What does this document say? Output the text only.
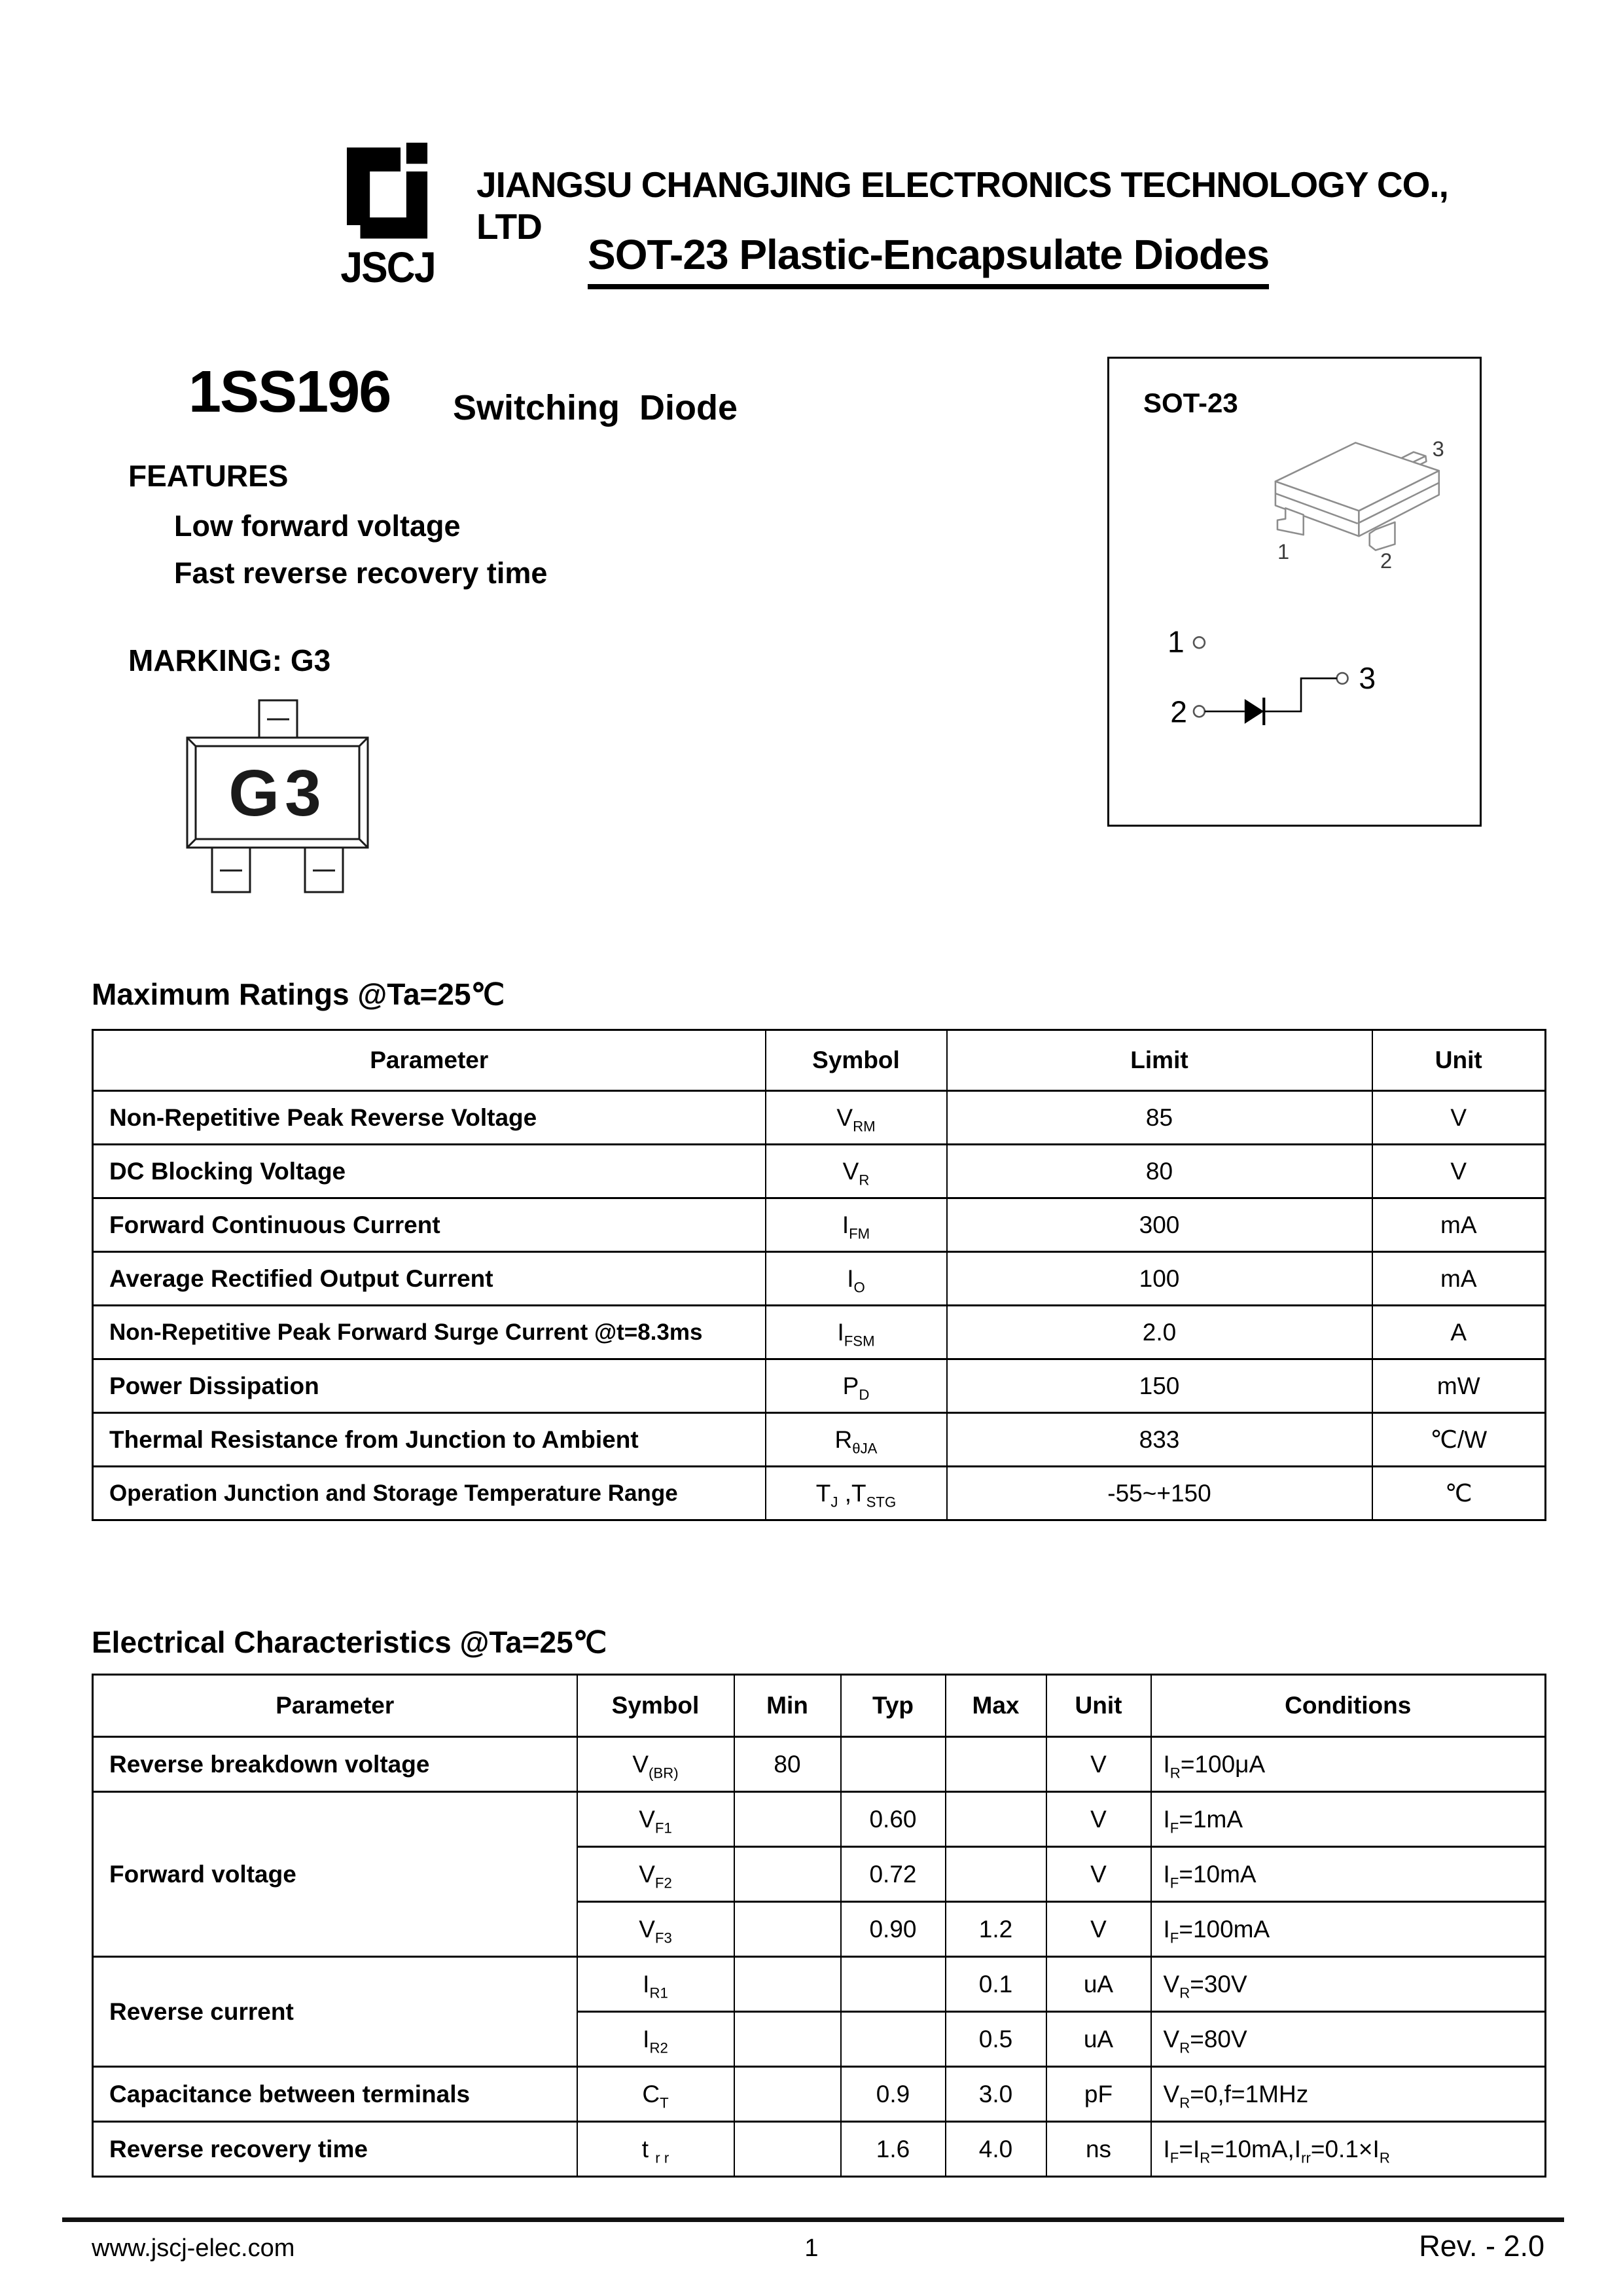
JSCJ
JIANGSU CHANGJING ELECTRONICS TECHNOLOGY CO., LTD
SOT-23 Plastic-Encapsulate Diodes
1SS196 Switching  Diode
FEATURES
Low forward voltage
Fast reverse recovery time
MARKING: G3
G3
SOT-23
3
1	2
1
2
3
Maximum Ratings @Ta=25℃
Parameter	Symbol	Limit	Unit
Non-Repetitive Peak Reverse Voltage	$V_{RM}$	85	V
DC Blocking Voltage	$V_R$	80	V
Forward Continuous Current	$I_{FM}$	300	mA
Average Rectified Output Current	$I_O$	100	mA
Non-Repetitive Peak Forward Surge Current @t=8.3ms	$I_{FSM}$	2.0	A
Power Dissipation	$P_D$	150	mW
Thermal Resistance from Junction to Ambient	$R_{\theta JA}$	833	℃/W
Operation Junction and Storage Temperature Range	$T_J$ $,T_{STG}$	-55~+150	℃
Electrical Characteristics @Ta=25℃
Parameter	Symbol	Min	Typ	Max	Unit	Conditions
Reverse breakdown voltage	$V_{(BR)}$	80			V	$I_R=100\mu A$
Forward voltage	$V_{F1}$		0.60		V	$I_F=1mA$
	$V_{F2}$		0.72		V	$I_F=10mA$
	$V_{F3}$		0.90	1.2	V	$I_F=100mA$
Reverse current	$I_{R1}$			0.1	uA	$V_R=30V$
	$I_{R2}$			0.5	uA	$V_R=80V$
Capacitance between terminals	$C_T$		0.9	3.0	pF	$V_R=0,f=1MHz$
Reverse recovery time	t $_{r r}$		1.6	4.0	ns	$I_F=I_R=10mA,I_{rr}=0.1\times I_R$
www.jscj-elec.com	1	Rev. - 2.0
